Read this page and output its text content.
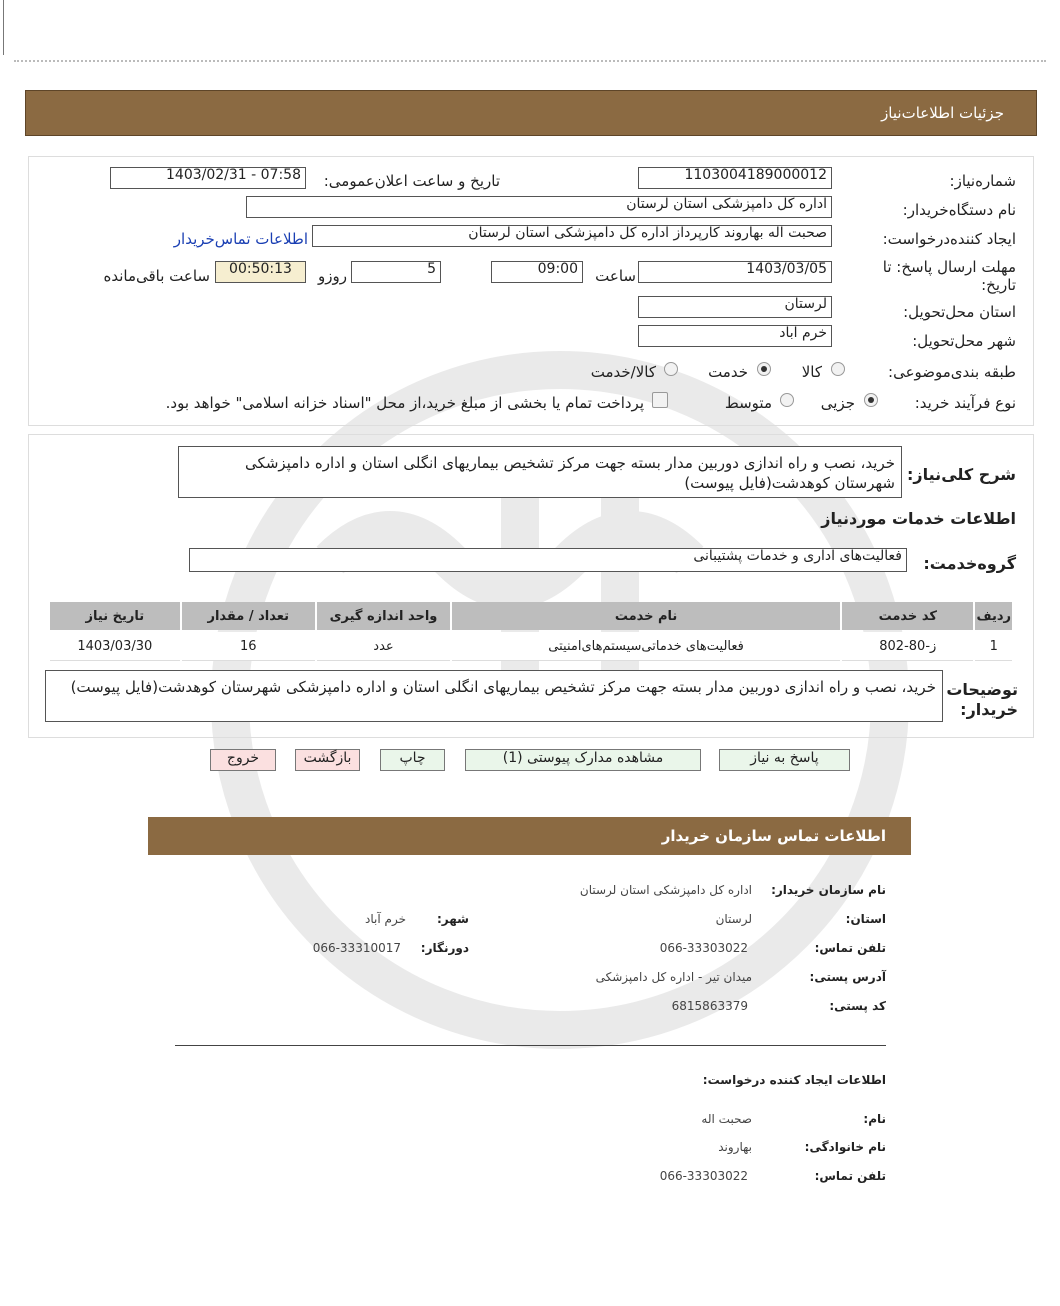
جزئيات اطلاعات‌نياز
شماره‌نیاز:
1103004189000012
تاریخ و ساعت اعلان‌عمومی:
1403/02/31 - 07:58
نام دستگاه‌خریدار:
اداره کل دامپزشکی استان لرستان
ایجاد کننده‌درخواست:
صحبت اله بهاروند کارپرداز اداره کل دامپزشکی استان لرستان
اطلاعات تماس‌خریدار
مهلت ارسال پاسخ: تا
تاریخ:
1403/03/05
ساعت
09:00
5
روزو
00:50:13
ساعت باقی‌مانده
استان محل‌تحویل:
لرستان
شهر محل‌تحویل:
خرم اباد
طبقه بندی‌موضوعی:
کالا
خدمت
کالا/خدمت
نوع فرآیند خرید:
جزیی
متوسط
پرداخت تمام یا بخشی از مبلغ خرید،از محل "اسناد خزانه اسلامی" خواهد بود.
شرح کلی‌نیاز:
خرید، نصب و راه اندازی دوربین مدار بسته جهت مرکز تشخیص بیماریهای انگلی استان و اداره دامپزشکی شهرستان کوهدشت(فایل پیوست)
اطلاعات خدمات موردنیاز
گروه‌خدمت:
فعالیت‌های اداری و خدمات پشتیبانی
ردیف	کد خدمت	نام خدمت	واحد اندازه گیری	تعداد / مقدار	تاریخ نیاز
1	ز-80-802	فعالیت‌های خدماتی‌سیستم‌های‌امنیتی	عدد	16	1403/03/30
توضیحات خریدار:
خرید، نصب و راه اندازی دوربین مدار بسته جهت مرکز تشخیص بیماریهای انگلی استان و اداره دامپزشکی شهرستان کوهدشت(فایل پیوست)
پاسخ به نیاز
مشاهده مدارک پیوستی (1)
چاپ
بازگشت
خروج
اطلاعات تماس سازمان خریدار
نام سازمان خریدار:
اداره کل دامپزشکی استان لرستان
استان:
لرستان
شهر:
خرم آباد
تلفن تماس:
066-33303022
دورنگار:
066-33310017
آدرس پستی:
میدان تیر - اداره کل دامپزشکی
کد پستی:
6815863379
اطلاعات ایجاد کننده درخواست:
نام:
صحبت اله
نام خانوادگی:
بهاروند
تلفن تماس:
066-33303022
